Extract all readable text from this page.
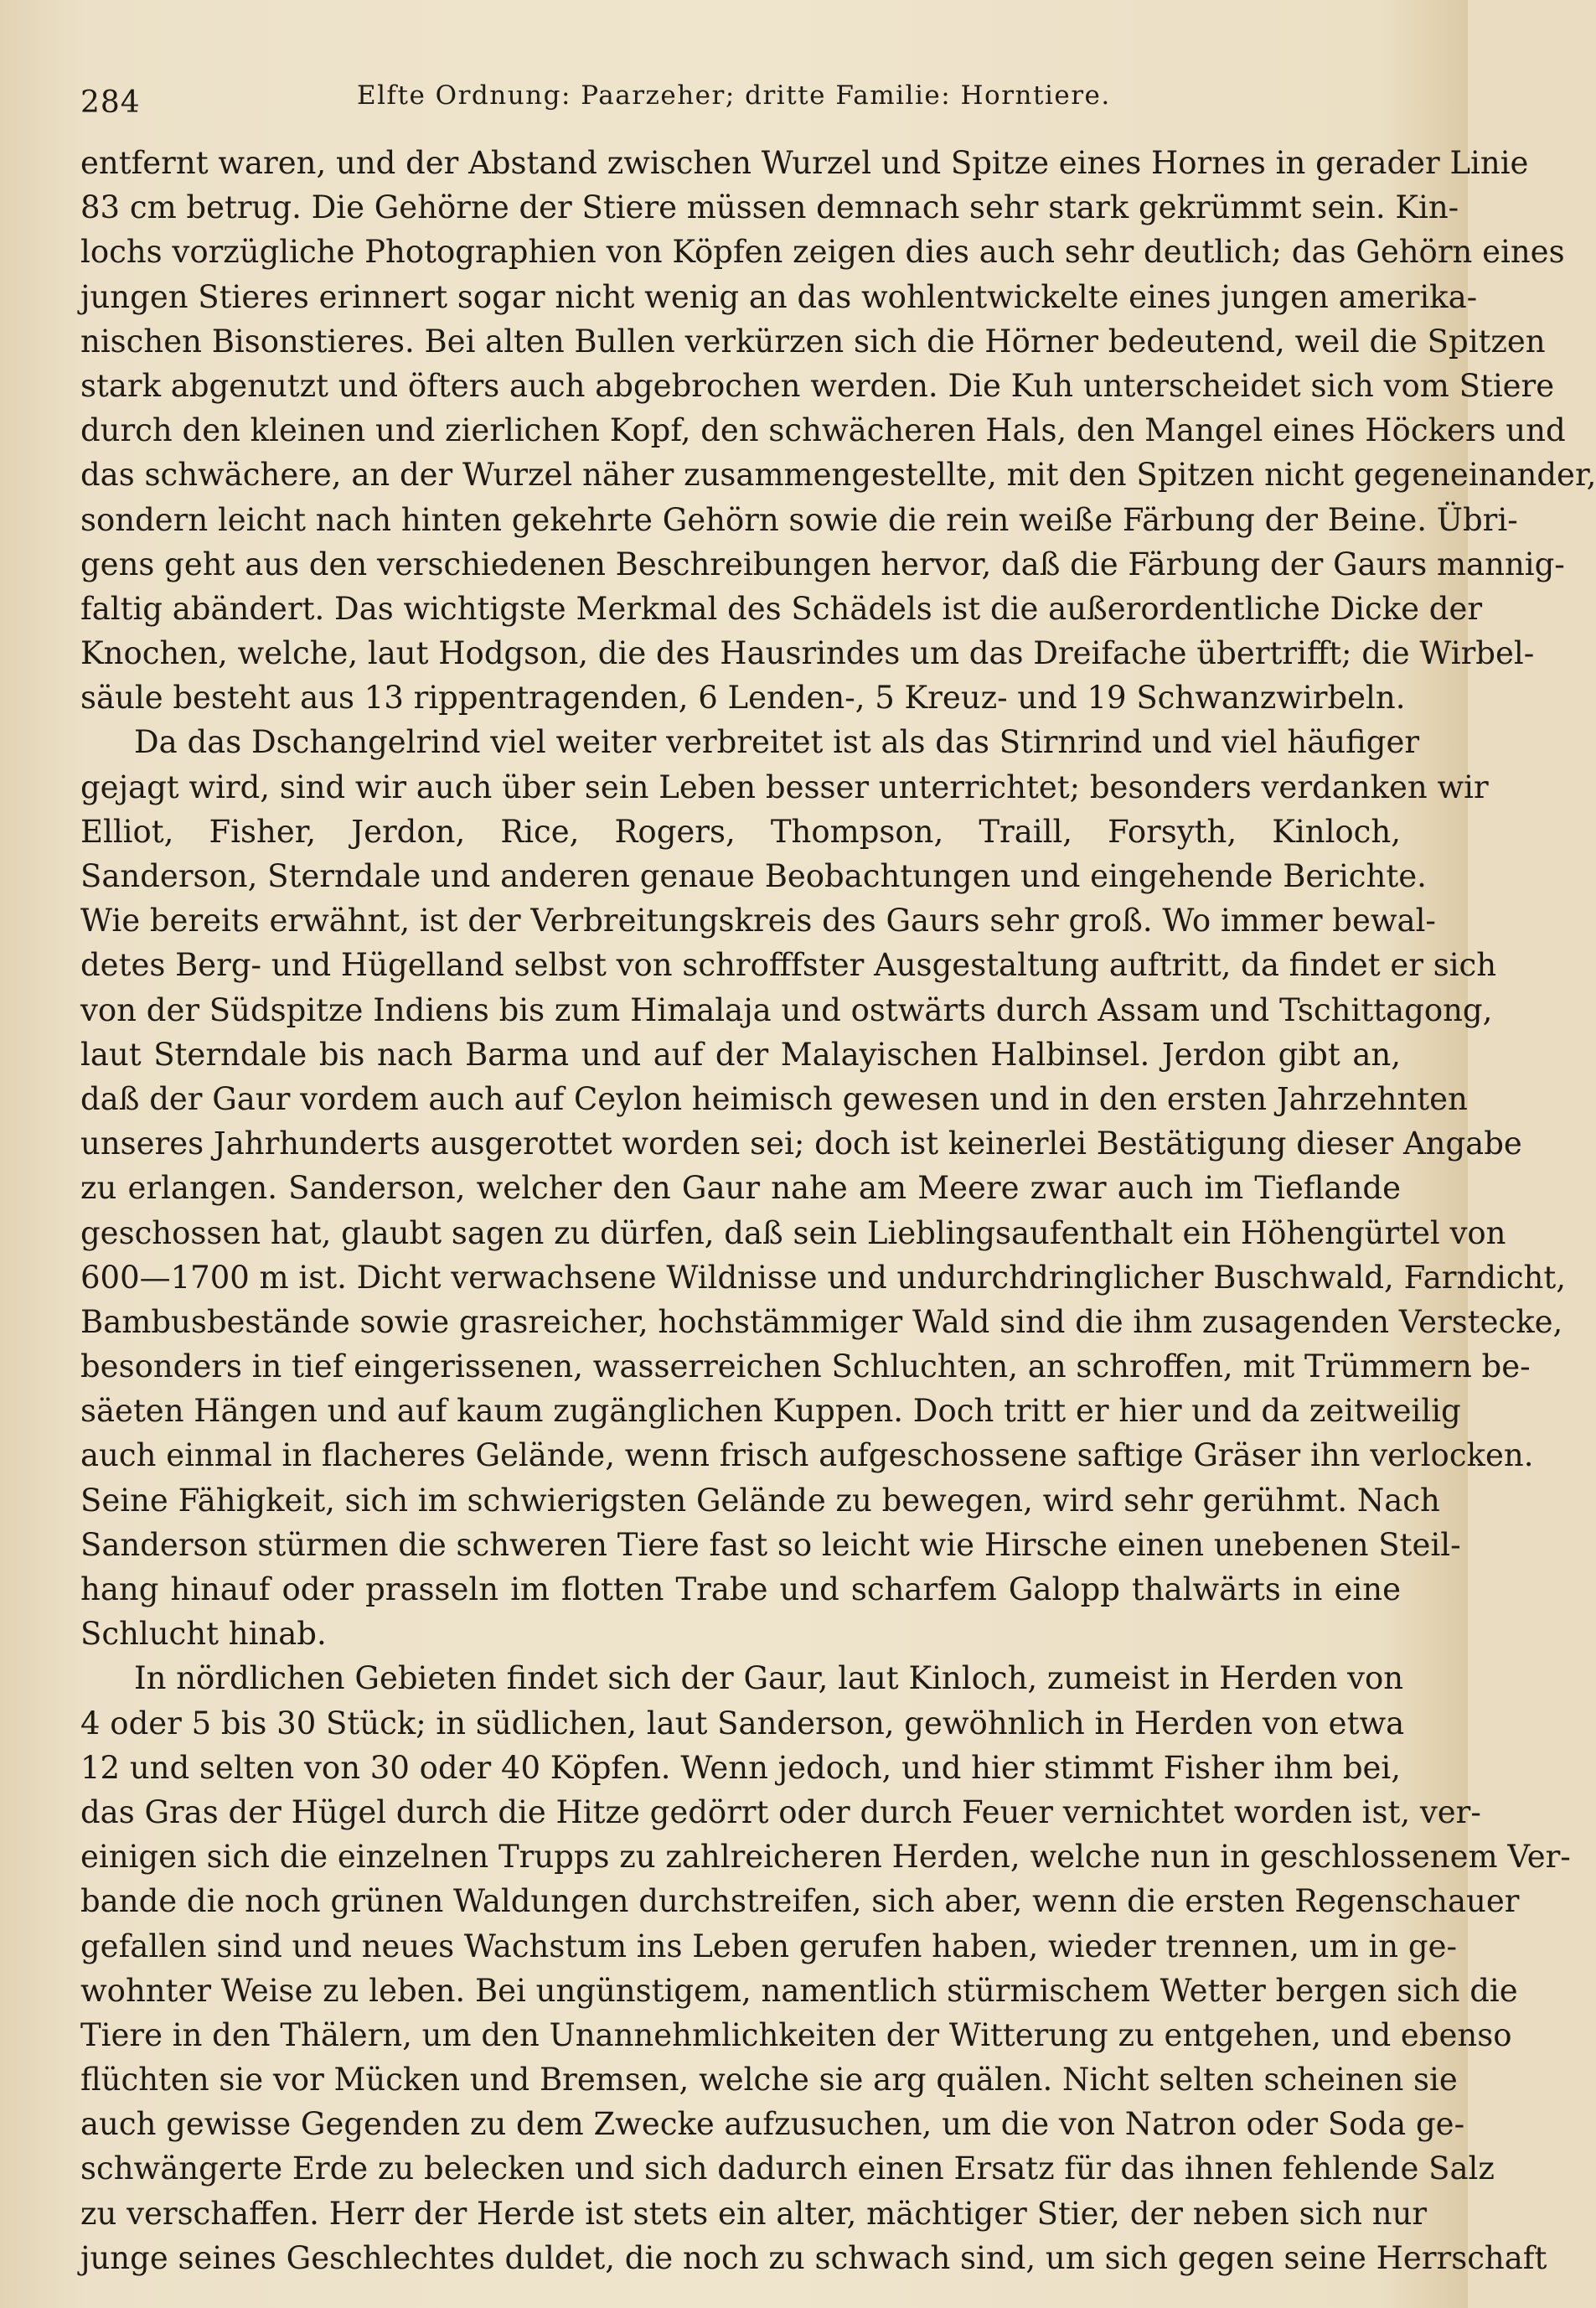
284	Elfte Ordnung: Paarzeher; dritte Familie: Horntiere.
entfernt waren, und der Abstand zwischen Wurzel und Spitze eines Hornes in gerader Linie
83 cm betrug. Die Gehörne der Stiere müssen demnach sehr stark gekrümmt sein. Kin-
lochs vorzügliche Photographien von Köpfen zeigen dies auch sehr deutlich; das Gehörn eines
jungen Stieres erinnert sogar nicht wenig an das wohlentwickelte eines jungen amerika-
nischen Bisonstieres. Bei alten Bullen verkürzen sich die Hörner bedeutend, weil die Spitzen
stark abgenutzt und öfters auch abgebrochen werden. Die Kuh unterscheidet sich vom Stiere
durch den kleinen und zierlichen Kopf, den schwächeren Hals, den Mangel eines Höckers und
das schwächere, an der Wurzel näher zusammengestellte, mit den Spitzen nicht gegeneinander,
sondern leicht nach hinten gekehrte Gehörn sowie die rein weiße Färbung der Beine. Übri-
gens geht aus den verschiedenen Beschreibungen hervor, daß die Färbung der Gaurs mannig-
faltig abändert. Das wichtigste Merkmal des Schädels ist die außerordentliche Dicke der
Knochen, welche, laut Hodgson, die des Hausrindes um das Dreifache übertrifft; die Wirbel-
säule besteht aus 13 rippentragenden, 6 Lenden-, 5 Kreuz- und 19 Schwanzwirbeln.
Da das Dschangelrind viel weiter verbreitet ist als das Stirnrind und viel häufiger
gejagt wird, sind wir auch über sein Leben besser unterrichtet; besonders verdanken wir
Elliot, Fisher, Jerdon, Rice, Rogers, Thompson, Traill, Forsyth, Kinloch,
Sanderson, Sterndale und anderen genaue Beobachtungen und eingehende Berichte.
Wie bereits erwähnt, ist der Verbreitungskreis des Gaurs sehr groß. Wo immer bewal-
detes Berg- und Hügelland selbst von schrofffster Ausgestaltung auftritt, da findet er sich
von der Südspitze Indiens bis zum Himalaja und ostwärts durch Assam und Tschittagong,
laut Sterndale bis nach Barma und auf der Malayischen Halbinsel. Jerdon gibt an,
daß der Gaur vordem auch auf Ceylon heimisch gewesen und in den ersten Jahrzehnten
unseres Jahrhunderts ausgerottet worden sei; doch ist keinerlei Bestätigung dieser Angabe
zu erlangen. Sanderson, welcher den Gaur nahe am Meere zwar auch im Tieflande
geschossen hat, glaubt sagen zu dürfen, daß sein Lieblingsaufenthalt ein Höhengürtel von
600—1700 m ist. Dicht verwachsene Wildnisse und undurchdringlicher Buschwald, Farndicht,
Bambusbestände sowie grasreicher, hochstämmiger Wald sind die ihm zusagenden Verstecke,
besonders in tief eingerissenen, wasserreichen Schluchten, an schroffen, mit Trümmern be-
säeten Hängen und auf kaum zugänglichen Kuppen. Doch tritt er hier und da zeitweilig
auch einmal in flacheres Gelände, wenn frisch aufgeschossene saftige Gräser ihn verlocken.
Seine Fähigkeit, sich im schwierigsten Gelände zu bewegen, wird sehr gerühmt. Nach
Sanderson stürmen die schweren Tiere fast so leicht wie Hirsche einen unebenen Steil-
hang hinauf oder prasseln im flotten Trabe und scharfem Galopp thalwärts in eine
Schlucht hinab.
In nördlichen Gebieten findet sich der Gaur, laut Kinloch, zumeist in Herden von
4 oder 5 bis 30 Stück; in südlichen, laut Sanderson, gewöhnlich in Herden von etwa
12 und selten von 30 oder 40 Köpfen. Wenn jedoch, und hier stimmt Fisher ihm bei,
das Gras der Hügel durch die Hitze gedörrt oder durch Feuer vernichtet worden ist, ver-
einigen sich die einzelnen Trupps zu zahlreicheren Herden, welche nun in geschlossenem Ver-
bande die noch grünen Waldungen durchstreifen, sich aber, wenn die ersten Regenschauer
gefallen sind und neues Wachstum ins Leben gerufen haben, wieder trennen, um in ge-
wohnter Weise zu leben. Bei ungünstigem, namentlich stürmischem Wetter bergen sich die
Tiere in den Thälern, um den Unannehmlichkeiten der Witterung zu entgehen, und ebenso
flüchten sie vor Mücken und Bremsen, welche sie arg quälen. Nicht selten scheinen sie
auch gewisse Gegenden zu dem Zwecke aufzusuchen, um die von Natron oder Soda ge-
schwängerte Erde zu belecken und sich dadurch einen Ersatz für das ihnen fehlende Salz
zu verschaffen. Herr der Herde ist stets ein alter, mächtiger Stier, der neben sich nur
junge seines Geschlechtes duldet, die noch zu schwach sind, um sich gegen seine Herrschaft
